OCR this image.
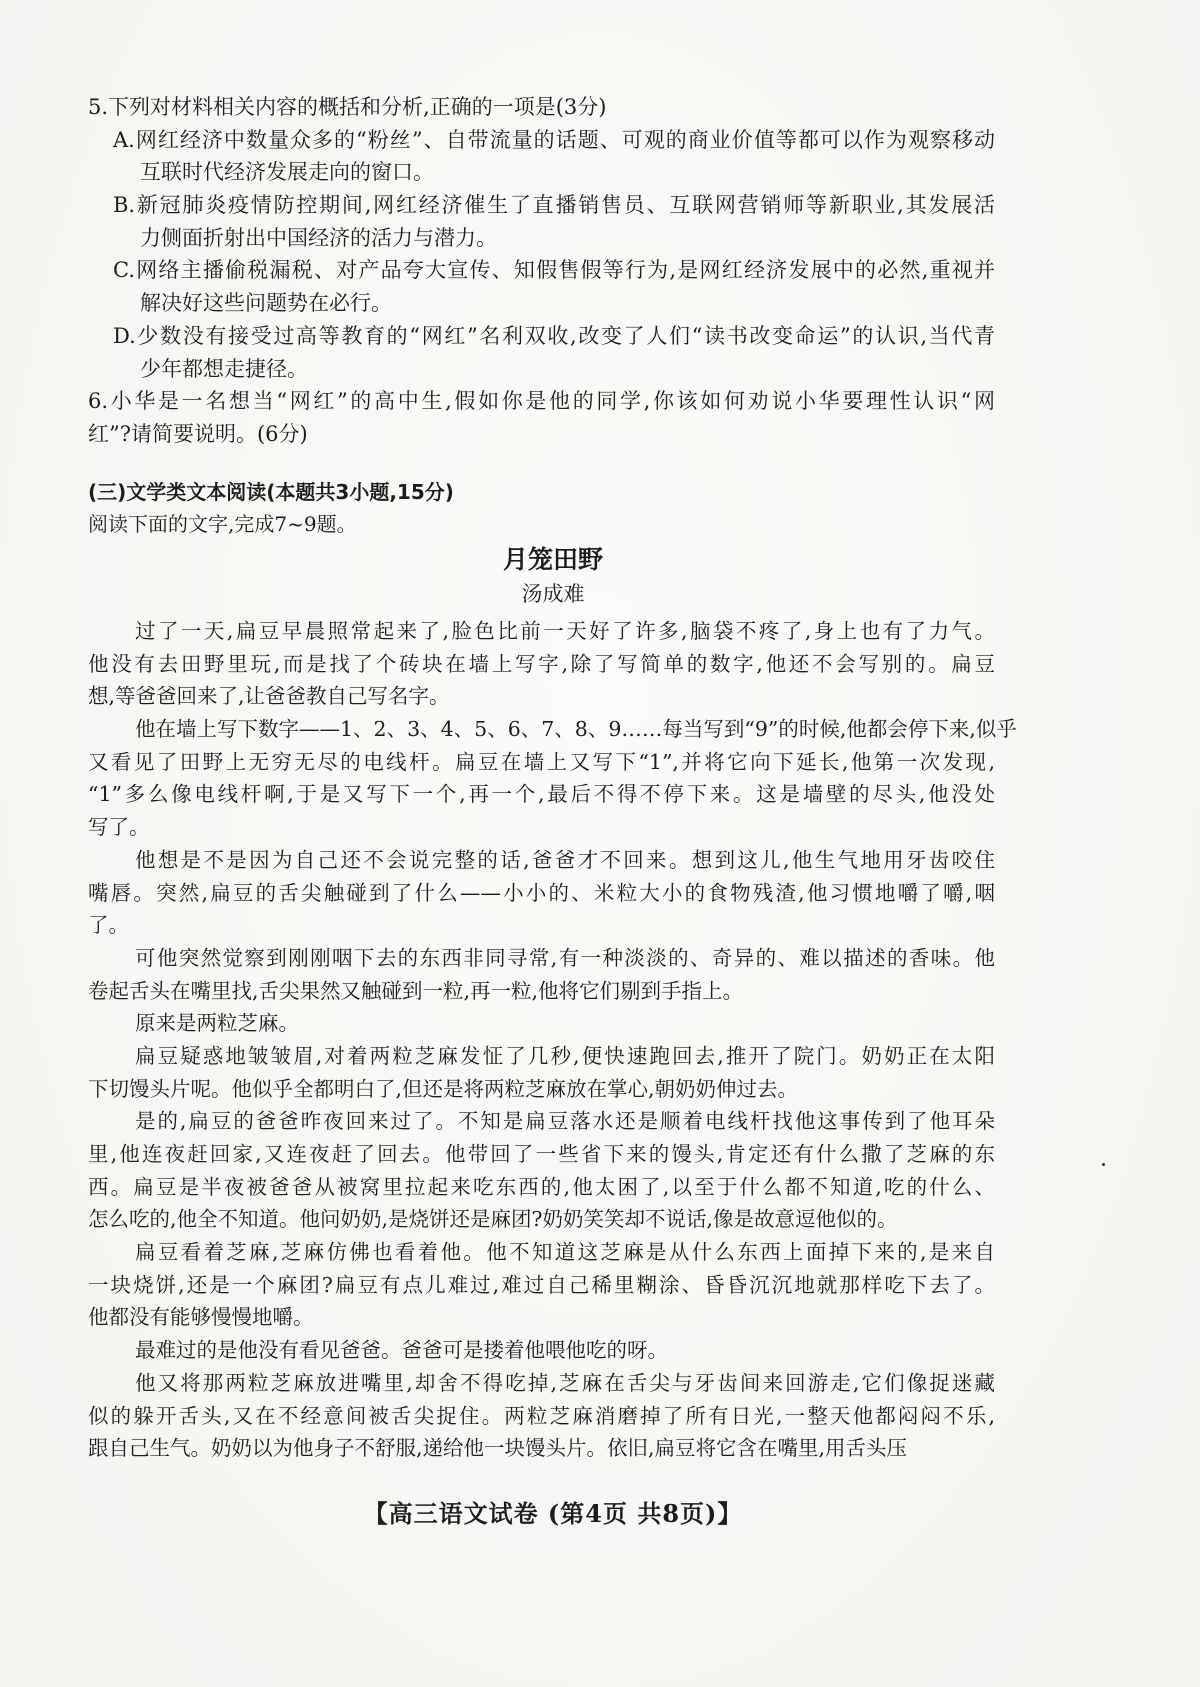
5.下列对材料相关内容的概括和分析,正确的一项是(3分)
A.网红经济中数量众多的“粉丝”、自带流量的话题、可观的商业价值等都可以作为观察移动
互联时代经济发展走向的窗口。
B.新冠肺炎疫情防控期间,网红经济催生了直播销售员、互联网营销师等新职业,其发展活
力侧面折射出中国经济的活力与潜力。
C.网络主播偷税漏税、对产品夸大宣传、知假售假等行为,是网红经济发展中的必然,重视并
解决好这些问题势在必行。
D.少数没有接受过高等教育的“网红”名利双收,改变了人们“读书改变命运”的认识,当代青
少年都想走捷径。
6.小华是一名想当“网红”的高中生,假如你是他的同学,你该如何劝说小华要理性认识“网
红”?请简要说明。(6分)
(三)文学类文本阅读(本题共3小题,15分)
阅读下面的文字,完成7~9题。
月笼田野
汤成难
过了一天,扁豆早晨照常起来了,脸色比前一天好了许多,脑袋不疼了,身上也有了力气。
他没有去田野里玩,而是找了个砖块在墙上写字,除了写简单的数字,他还不会写别的。扁豆
想,等爸爸回来了,让爸爸教自己写名字。
他在墙上写下数字——1、2、3、4、5、6、7、8、9……每当写到“9”的时候,他都会停下来,似乎
又看见了田野上无穷无尽的电线杆。扁豆在墙上又写下“1”,并将它向下延长,他第一次发现,
“1”多么像电线杆啊,于是又写下一个,再一个,最后不得不停下来。这是墙壁的尽头,他没处
写了。
他想是不是因为自己还不会说完整的话,爸爸才不回来。想到这儿,他生气地用牙齿咬住
嘴唇。突然,扁豆的舌尖触碰到了什么——小小的、米粒大小的食物残渣,他习惯地嚼了嚼,咽
了。
可他突然觉察到刚刚咽下去的东西非同寻常,有一种淡淡的、奇异的、难以描述的香味。他
卷起舌头在嘴里找,舌尖果然又触碰到一粒,再一粒,他将它们剔到手指上。
原来是两粒芝麻。
扁豆疑惑地皱皱眉,对着两粒芝麻发怔了几秒,便快速跑回去,推开了院门。奶奶正在太阳
下切馒头片呢。他似乎全都明白了,但还是将两粒芝麻放在掌心,朝奶奶伸过去。
是的,扁豆的爸爸昨夜回来过了。不知是扁豆落水还是顺着电线杆找他这事传到了他耳朵
里,他连夜赶回家,又连夜赶了回去。他带回了一些省下来的馒头,肯定还有什么撒了芝麻的东
西。扁豆是半夜被爸爸从被窝里拉起来吃东西的,他太困了,以至于什么都不知道,吃的什么、
怎么吃的,他全不知道。他问奶奶,是烧饼还是麻团?奶奶笑笑却不说话,像是故意逗他似的。
扁豆看着芝麻,芝麻仿佛也看着他。他不知道这芝麻是从什么东西上面掉下来的,是来自
一块烧饼,还是一个麻团?扁豆有点儿难过,难过自己稀里糊涂、昏昏沉沉地就那样吃下去了。
他都没有能够慢慢地嚼。
最难过的是他没有看见爸爸。爸爸可是搂着他喂他吃的呀。
他又将那两粒芝麻放进嘴里,却舍不得吃掉,芝麻在舌尖与牙齿间来回游走,它们像捉迷藏
似的躲开舌头,又在不经意间被舌尖捉住。两粒芝麻消磨掉了所有日光,一整天他都闷闷不乐,
跟自己生气。奶奶以为他身子不舒服,递给他一块馒头片。依旧,扁豆将它含在嘴里,用舌头压
【高三语文试卷 (第4页 共8页)】
